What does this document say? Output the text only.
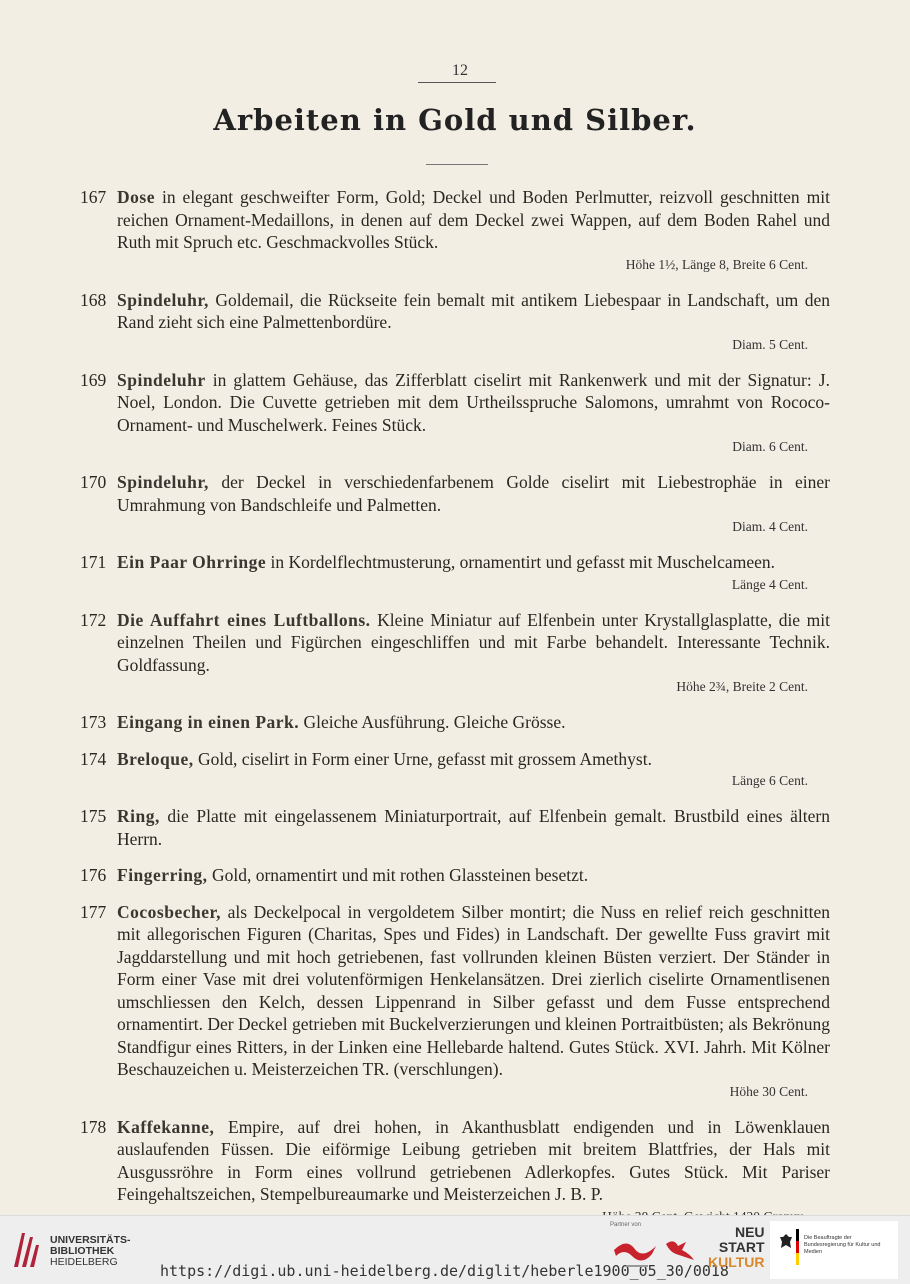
12
Arbeiten in Gold und Silber.
167 Dose in elegant geschweifter Form, Gold; Deckel und Boden Perlmutter, reizvoll geschnitten mit reichen Ornament-Medaillons, in denen auf dem Deckel zwei Wappen, auf dem Boden Rahel und Ruth mit Spruch etc. Geschmackvolles Stück.
Höhe 1½, Länge 8, Breite 6 Cent.
168 Spindeluhr, Goldemail, die Rückseite fein bemalt mit antikem Liebespaar in Landschaft, um den Rand zieht sich eine Palmettenbordüre.
Diam. 5 Cent.
169 Spindeluhr in glattem Gehäuse, das Zifferblatt ciselirt mit Rankenwerk und mit der Signatur: J. Noel, London. Die Cuvette getrieben mit dem Urtheilsspruche Salomons, umrahmt von Rococo-Ornament- und Muschelwerk. Feines Stück.
Diam. 6 Cent.
170 Spindeluhr, der Deckel in verschiedenfarbenem Golde ciselirt mit Liebestrophäe in einer Umrahmung von Bandschleife und Palmetten.
Diam. 4 Cent.
171 Ein Paar Ohrringe in Kordelflechtmusterung, ornamentirt und gefasst mit Muschelcameen.
Länge 4 Cent.
172 Die Auffahrt eines Luftballons. Kleine Miniatur auf Elfenbein unter Krystallglasplatte, die mit einzelnen Theilen und Figürchen eingeschliffen und mit Farbe behandelt. Interessante Technik. Goldfassung.
Höhe 2¾, Breite 2 Cent.
173 Eingang in einen Park. Gleiche Ausführung. Gleiche Grösse.
174 Breloque, Gold, ciselirt in Form einer Urne, gefasst mit grossem Amethyst.
Länge 6 Cent.
175 Ring, die Platte mit eingelassenem Miniaturportrait, auf Elfenbein gemalt. Brustbild eines ältern Herrn.
176 Fingerring, Gold, ornamentirt und mit rothen Glassteinen besetzt.
177 Cocosbecher, als Deckelpocal in vergoldetem Silber montirt; die Nuss en relief reich geschnitten mit allegorischen Figuren (Charitas, Spes und Fides) in Landschaft. Der gewellte Fuss gravirt mit Jagddarstellung und mit hoch getriebenen, fast vollrunden kleinen Büsten verziert. Der Ständer in Form einer Vase mit drei volutenförmigen Henkelansätzen. Drei zierlich ciselirte Ornamentlisenen umschliessen den Kelch, dessen Lippenrand in Silber gefasst und dem Fusse entsprechend ornamentirt. Der Deckel getrieben mit Buckelverzierungen und kleinen Portraitbüsten; als Bekrönung Standfigur eines Ritters, in der Linken eine Hellebarde haltend. Gutes Stück. XVI. Jahrh. Mit Kölner Beschauzeichen u. Meisterzeichen TR. (verschlungen).
Höhe 30 Cent.
178 Kaffekanne, Empire, auf drei hohen, in Akanthusblatt endigenden und in Löwenklauen auslaufenden Füssen. Die eiförmige Leibung getrieben mit breitem Blattfries, der Hals mit Ausgussröhre in Form eines vollrund getriebenen Adlerkopfes. Gutes Stück. Mit Pariser Feingehaltszeichen, Stempelbureaumarke und Meisterzeichen J. B. P.
UNIVERSITÄTS-
BIBLIOTHEK
HEIDELBERG	https://digi.ub.uni-heidelberg.de/diglit/heberle1900_05_30/0018
Partner von	NEU
START
KULTUR
Die Beauftragte der Bundesregierung für Kultur und Medien
